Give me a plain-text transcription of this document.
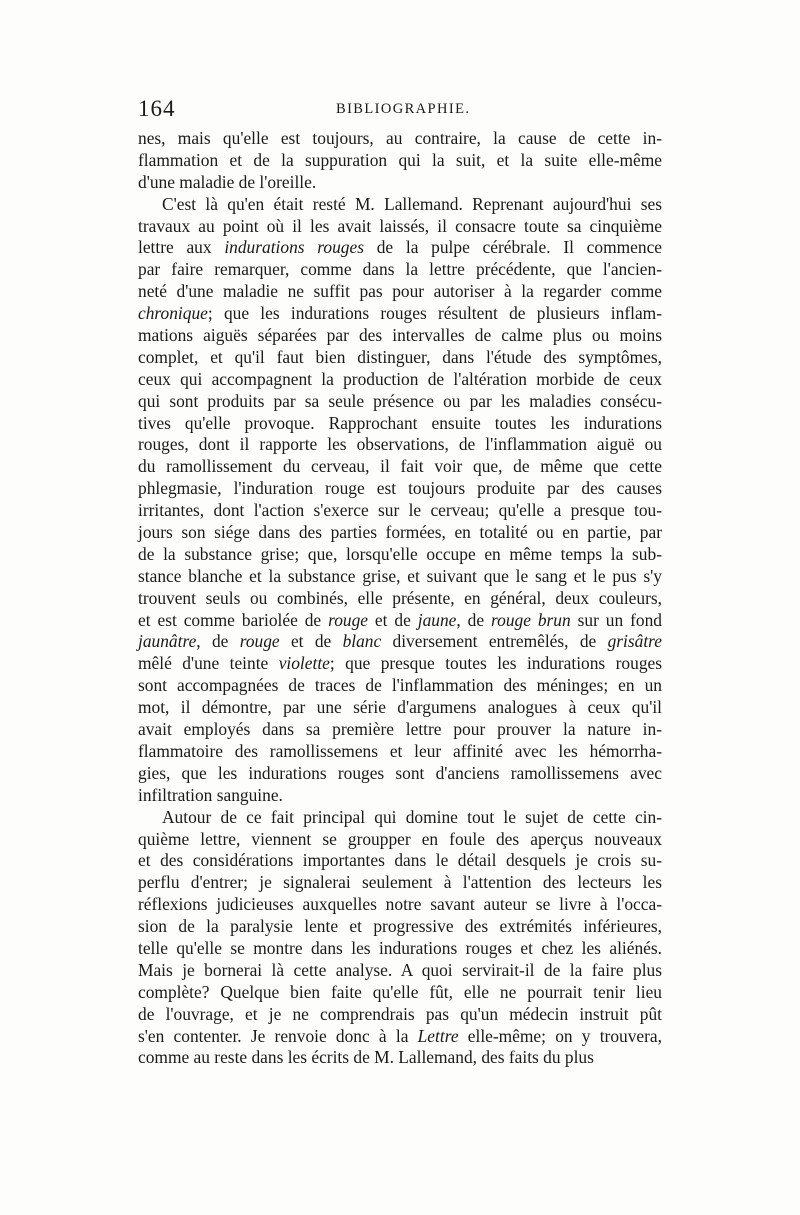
164	BIBLIOGRAPHIE.
nes, mais qu'elle est toujours, au contraire, la cause de cette in-
flammation et de la suppuration qui la suit, et la suite elle-même
d'une maladie de l'oreille.
C'est là qu'en était resté M. Lallemand. Reprenant aujourd'hui ses
travaux au point où il les avait laissés, il consacre toute sa cinquième
lettre aux indurations rouges de la pulpe cérébrale. Il commence
par faire remarquer, comme dans la lettre précédente, que l'ancien-
neté d'une maladie ne suffit pas pour autoriser à la regarder comme
chronique; que les indurations rouges résultent de plusieurs inflam-
mations aiguës séparées par des intervalles de calme plus ou moins
complet, et qu'il faut bien distinguer, dans l'étude des symptômes,
ceux qui accompagnent la production de l'altération morbide de ceux
qui sont produits par sa seule présence ou par les maladies consécu-
tives qu'elle provoque. Rapprochant ensuite toutes les indurations
rouges, dont il rapporte les observations, de l'inflammation aiguë ou
du ramollissement du cerveau, il fait voir que, de même que cette
phlegmasie, l'induration rouge est toujours produite par des causes
irritantes, dont l'action s'exerce sur le cerveau; qu'elle a presque tou-
jours son siége dans des parties formées, en totalité ou en partie, par
de la substance grise; que, lorsqu'elle occupe en même temps la sub-
stance blanche et la substance grise, et suivant que le sang et le pus s'y
trouvent seuls ou combinés, elle présente, en général, deux couleurs,
et est comme bariolée de rouge et de jaune, de rouge brun sur un fond
jaunâtre, de rouge et de blanc diversement entremêlés, de grisâtre
mêlé d'une teinte violette; que presque toutes les indurations rouges
sont accompagnées de traces de l'inflammation des méninges; en un
mot, il démontre, par une série d'argumens analogues à ceux qu'il
avait employés dans sa première lettre pour prouver la nature in-
flammatoire des ramollissemens et leur affinité avec les hémorrha-
gies, que les indurations rouges sont d'anciens ramollissemens avec
infiltration sanguine.
Autour de ce fait principal qui domine tout le sujet de cette cin-
quième lettre, viennent se groupper en foule des aperçus nouveaux
et des considérations importantes dans le détail desquels je crois su-
perflu d'entrer; je signalerai seulement à l'attention des lecteurs les
réflexions judicieuses auxquelles notre savant auteur se livre à l'occa-
sion de la paralysie lente et progressive des extrémités inférieures,
telle qu'elle se montre dans les indurations rouges et chez les aliénés.
Mais je bornerai là cette analyse. A quoi servirait-il de la faire plus
complète? Quelque bien faite qu'elle fût, elle ne pourrait tenir lieu
de l'ouvrage, et je ne comprendrais pas qu'un médecin instruit pût
s'en contenter. Je renvoie donc à la Lettre elle-même; on y trouvera,
comme au reste dans les écrits de M. Lallemand, des faits du plus
